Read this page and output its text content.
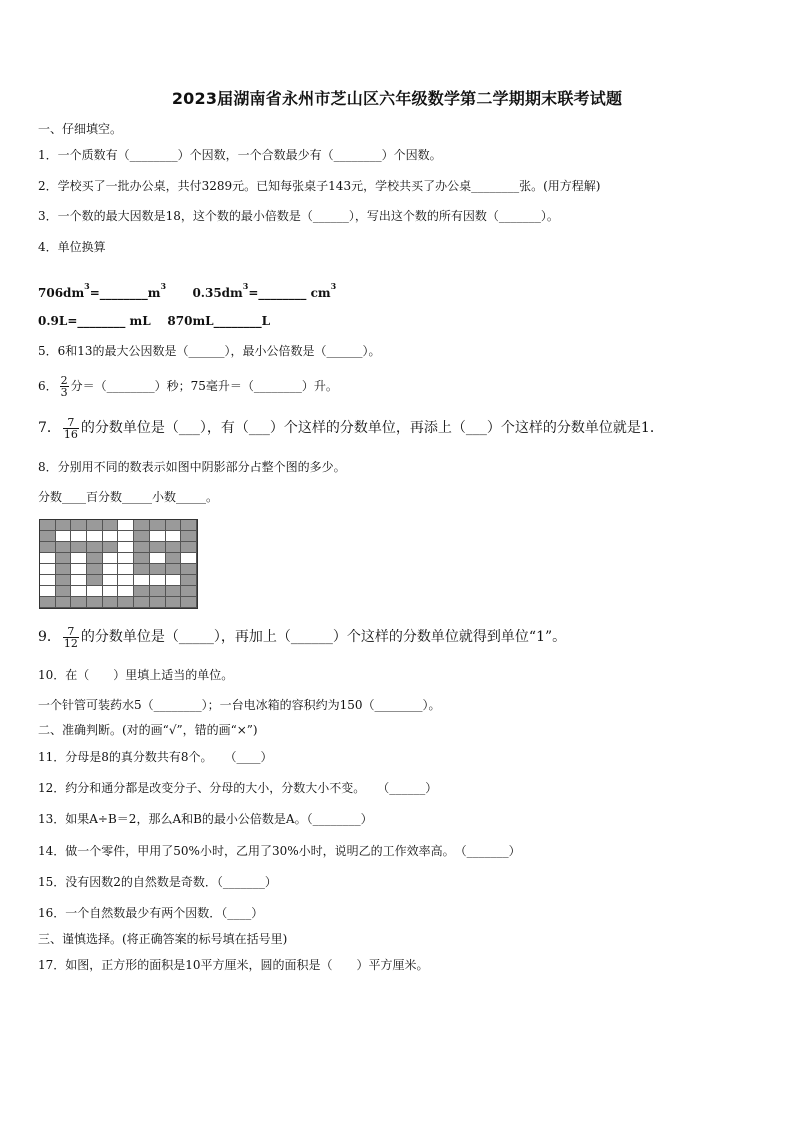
2023届湖南省永州市芝山区六年级数学第二学期期末联考试题
一、仔细填空。
1．一个质数有（________）个因数，一个合数最少有（________）个因数。
2．学校买了一批办公桌，共付3289元。已知每张桌子143元，学校共买了办公桌________张。(用方程解)
3．一个数的最大因数是18，这个数的最小倍数是（______），写出这个数的所有因数（_______）。
4．单位换算
$706dm^3=\_\_\_\_\_\_\_\_m^3$ $0.35dm^3=\_\_\_\_\_\_\_\_$ $cm^3$
0.9L=________ mL    870mL________L
5．6和13的最大公因数是（______），最小公倍数是（______）。
6． $\frac{2}{3}$ 分＝（________）秒；75毫升＝（________）升。
7． $\frac{7}{16}$ 的分数单位是（___），有（___）个这样的分数单位，再添上（___）个这样的分数单位就是1．
8．分别用不同的数表示如图中阴影部分占整个图的多少。
分数____百分数_____小数_____。
9． $\frac{7}{12}$ 的分数单位是（_____），再加上（______）个这样的分数单位就得到单位“1”。
10．在（　　）里填上适当的单位。
一个针管可装药水5（________）；一台电冰箱的容积约为150（________）。
二、准确判断。(对的画“√”，错的画“×”)
11．分母是8的真分数共有8个。　　（____）
12．约分和通分都是改变分子、分母的大小，分数大小不变。　　（______）
13．如果A÷B＝2，那么A和B的最小公倍数是A。（________）
14．做一个零件，甲用了50%小时，乙用了30%小时，说明乙的工作效率高。　（_______）
15．没有因数2的自然数是奇数．（_______）
16．一个自然数最少有两个因数．（____）
三、谨慎选择。(将正确答案的标号填在括号里)
17．如图，正方形的面积是10平方厘米，圆的面积是（　　）平方厘米。
